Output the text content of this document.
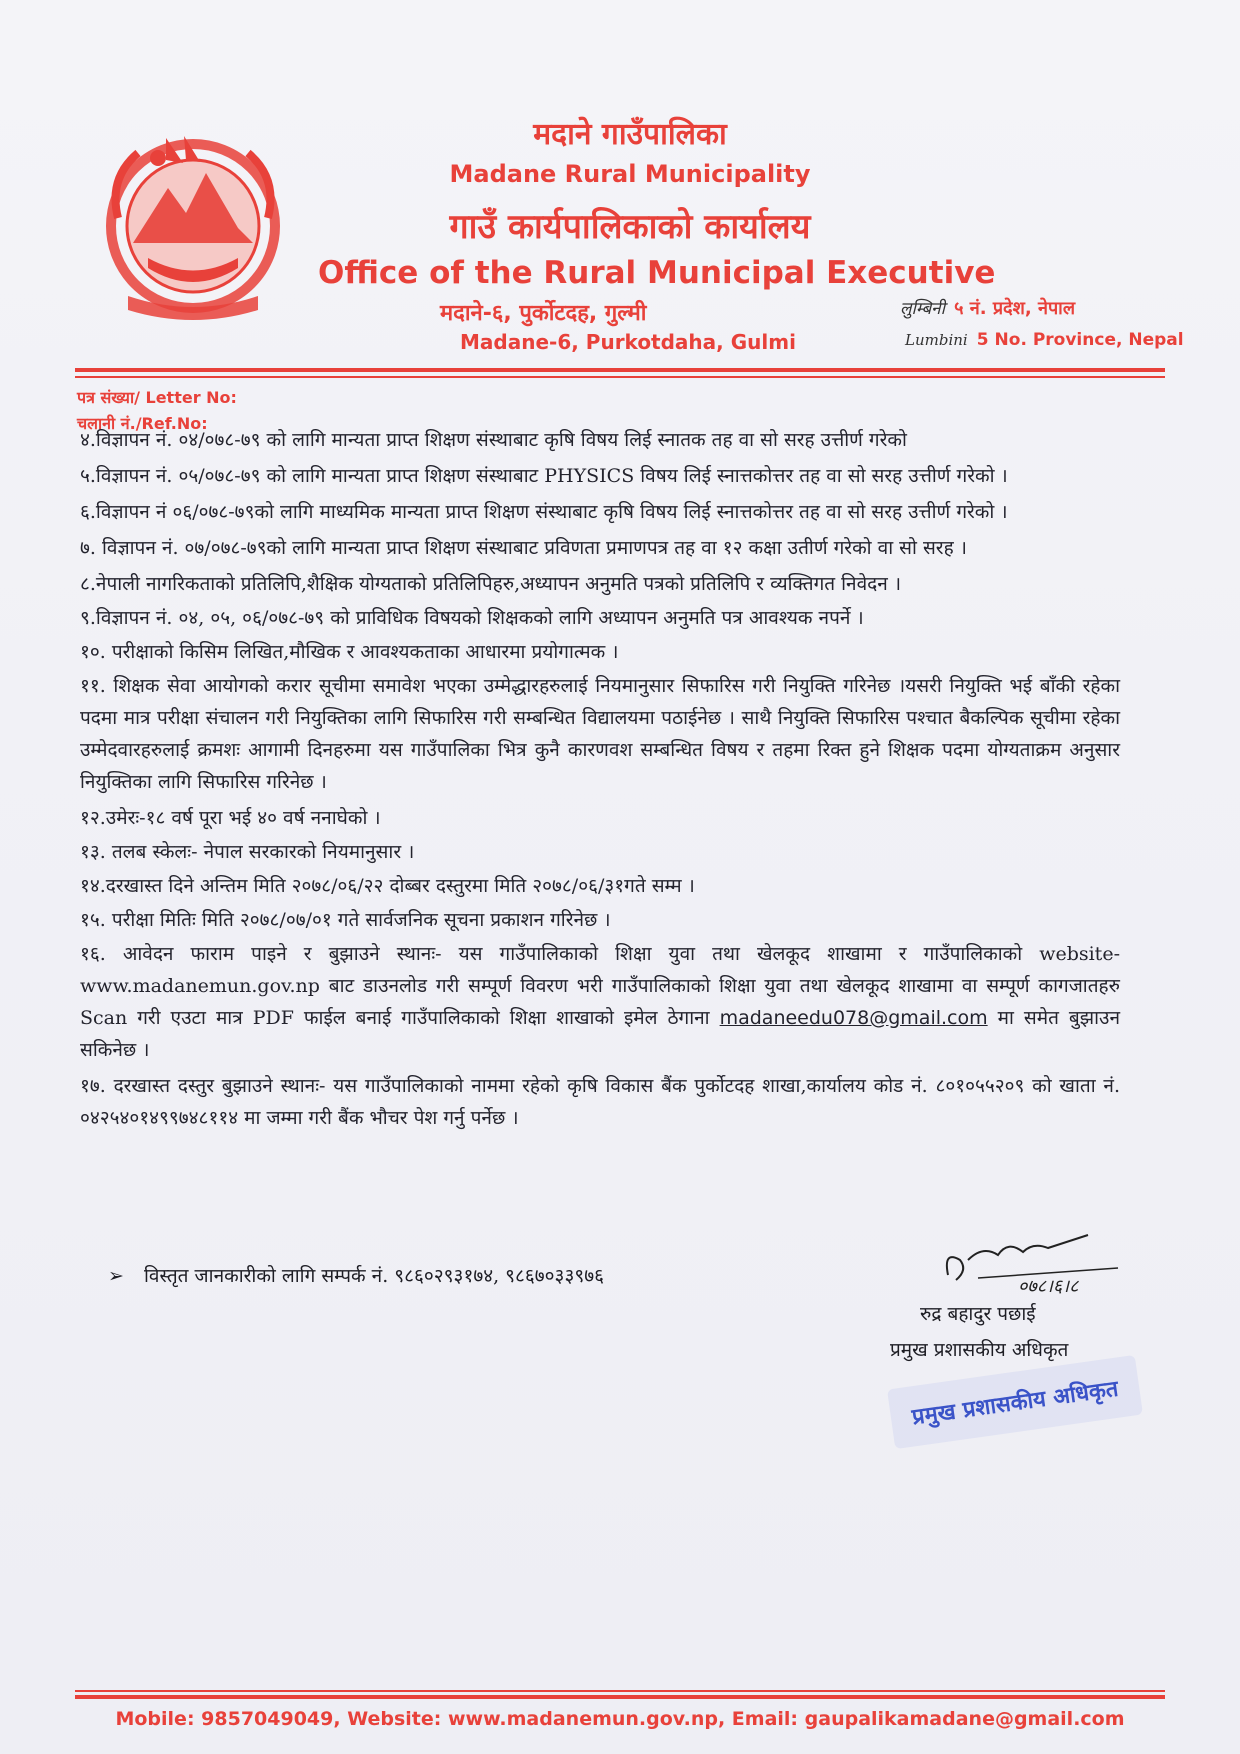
मदाने गाउँपालिका
Madane Rural Municipality
गाउँ कार्यपालिकाको कार्यालय
Office of the Rural Municipal Executive
मदाने-६, पुर्कोटदह, गुल्मी
Madane-6, Purkotdaha, Gulmi
लुम्बिनी ५ नं. प्रदेश, नेपाल
Lumbini 5 No. Province, Nepal
पत्र संख्या/ Letter No:
चलानी नं./Ref.No:

४.विज्ञापन नं. ०४/०७८-७९ को लागि मान्यता प्राप्त शिक्षण संस्थाबाट कृषि विषय लिई स्नातक तह वा सो सरह उत्तीर्ण गरेको

५.विज्ञापन नं. ०५/०७८-७९ को लागि मान्यता प्राप्त शिक्षण संस्थाबाट PHYSICS विषय लिई स्नात्तकोत्तर तह वा सो सरह उत्तीर्ण गरेको ।

६.विज्ञापन नं ०६/०७८-७९को लागि माध्यमिक मान्यता प्राप्त शिक्षण संस्थाबाट कृषि विषय लिई स्नात्तकोत्तर तह वा सो सरह उत्तीर्ण गरेको ।

७. विज्ञापन नं. ०७/०७८-७९को लागि मान्यता प्राप्त शिक्षण संस्थाबाट प्रविणता प्रमाणपत्र तह वा १२ कक्षा उतीर्ण गरेको वा सो सरह ।

८.नेपाली नागरिकताको प्रतिलिपि,शैक्षिक योग्यताको प्रतिलिपिहरु,अध्यापन अनुमति पत्रको प्रतिलिपि र व्यक्तिगत निवेदन ।

९.विज्ञापन नं. ०४, ०५, ०६/०७८-७९ को प्राविधिक विषयको शिक्षकको लागि अध्यापन अनुमति पत्र आवश्यक नपर्ने ।

१०. परीक्षाको किसिम लिखित,मौखिक र आवश्यकताका आधारमा प्रयोगात्मक ।

११. शिक्षक सेवा आयोगको करार सूचीमा समावेश भएका उम्मेद्धारहरुलाई नियमानुसार सिफारिस गरी नियुक्ति गरिनेछ ।यसरी नियुक्ति भई बाँकी रहेका पदमा मात्र परीक्षा संचालन गरी नियुक्तिका लागि सिफारिस गरी सम्बन्धित विद्यालयमा पठाईनेछ । साथै नियुक्ति सिफारिस पश्चात बैकल्पिक सूचीमा रहेका उम्मेदवारहरुलाई क्रमशः आगामी दिनहरुमा यस गाउँपालिका भित्र कुनै कारणवश सम्बन्धित विषय र तहमा रिक्त हुने शिक्षक पदमा योग्यताक्रम अनुसार नियुक्तिका लागि सिफारिस गरिनेछ ।

१२.उमेरः-१८ वर्ष पूरा भई ४० वर्ष ननाघेको ।

१३. तलब स्केलः- नेपाल सरकारको नियमानुसार ।

१४.दरखास्त दिने अन्तिम मिति २०७८/०६/२२ दोब्बर दस्तुरमा मिति २०७८/०६/३१गते सम्म ।

१५. परीक्षा मितिः मिति २०७८/०७/०१ गते सार्वजनिक सूचना प्रकाशन गरिनेछ ।

१६. आवेदन फाराम पाइने र बुझाउने स्थानः- यस गाउँपालिकाको शिक्षा युवा तथा खेलकूद शाखामा र गाउँपालिकाको website-www.madanemun.gov.np बाट डाउनलोड गरी सम्पूर्ण विवरण भरी गाउँपालिकाको शिक्षा युवा तथा खेलकूद शाखामा वा सम्पूर्ण कागजातहरु Scan गरी एउटा मात्र PDF फाईल बनाई गाउँपालिकाको शिक्षा शाखाको इमेल ठेगाना madaneedu078@gmail.com मा समेत बुझाउन सकिनेछ ।

१७. दरखास्त दस्तुर बुझाउने स्थानः- यस गाउँपालिकाको नाममा रहेको कृषि विकास बैंक पुर्कोटदह शाखा,कार्यालय कोड नं. ८०१०५५२०९ को खाता नं. ०४२५४०१४९९७४८११४ मा जम्मा गरी बैंक भौचर पेश गर्नु पर्नेछ ।

➢ विस्तृत जानकारीको लागि सम्पर्क नं. ९८६०२९३१७४, ९८६७०३३९७६	०७८।६।८
रुद्र बहादुर पछाई
प्रमुख प्रशासकीय अधिकृत
प्रमुख प्रशासकीय अधिकृत
Mobile: 9857049049, Website: www.madanemun.gov.np, Email: gaupalikamadane@gmail.com
